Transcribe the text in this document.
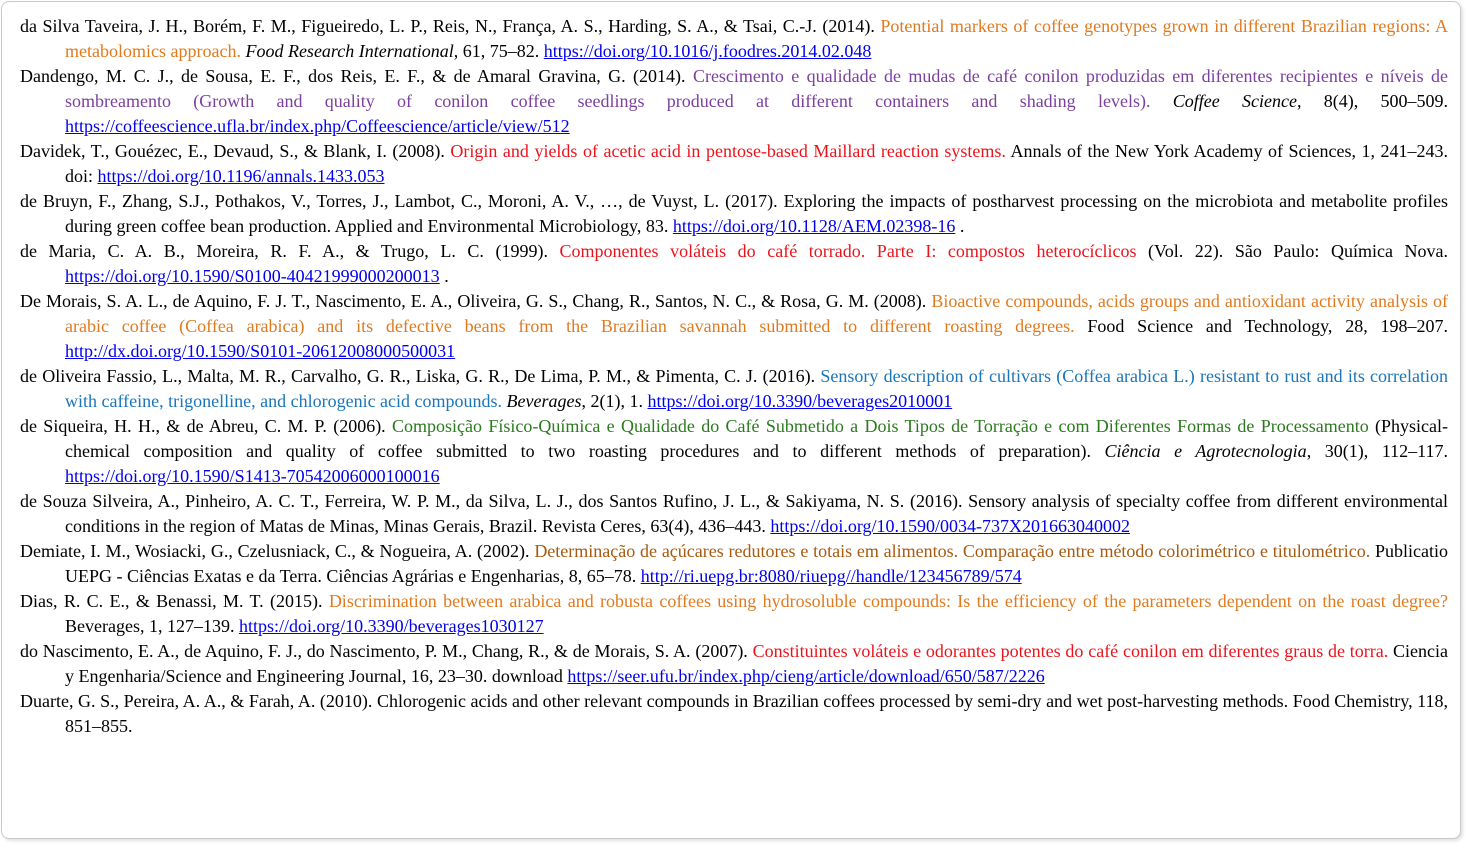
da Silva Taveira, J. H., Borém, F. M., Figueiredo, L. P., Reis, N., França, A. S., Harding, S. A., & Tsai, C.-J. (2014). Potential markers of coffee genotypes grown in different Brazilian regions: A metabolomics approach. Food Research International, 61, 75–82. https://doi.org/10.1016/j.foodres.2014.02.048

Dandengo, M. C. J., de Sousa, E. F., dos Reis, E. F., & de Amaral Gravina, G. (2014). Crescimento e qualidade de mudas de café conilon produzidas em diferentes recipientes e níveis de sombreamento (Growth and quality of conilon coffee seedlings produced at different containers and shading levels). Coffee Science, 8(4), 500–509. https://coffeescience.ufla.br/index.php/Coffeescience/article/view/512

Davidek, T., Gouézec, E., Devaud, S., & Blank, I. (2008). Origin and yields of acetic acid in pentose-based Maillard reaction systems. Annals of the New York Academy of Sciences, 1, 241–243. doi: https://doi.org/10.1196/annals.1433.053

de Bruyn, F., Zhang, S.J., Pothakos, V., Torres, J., Lambot, C., Moroni, A. V., …, de Vuyst, L. (2017). Exploring the impacts of postharvest processing on the microbiota and metabolite profiles during green coffee bean production. Applied and Environmental Microbiology, 83. https://doi.org/10.1128/AEM.02398-16 .

de Maria, C. A. B., Moreira, R. F. A., & Trugo, L. C. (1999). Componentes voláteis do café torrado. Parte I: compostos heterocíclicos (Vol. 22). São Paulo: Química Nova. https://doi.org/10.1590/S0100-40421999000200013 .

De Morais, S. A. L., de Aquino, F. J. T., Nascimento, E. A., Oliveira, G. S., Chang, R., Santos, N. C., & Rosa, G. M. (2008). Bioactive compounds, acids groups and antioxidant activity analysis of arabic coffee (Coffea arabica) and its defective beans from the Brazilian savannah submitted to different roasting degrees. Food Science and Technology, 28, 198–207. http://dx.doi.org/10.1590/S0101-20612008000500031

de Oliveira Fassio, L., Malta, M. R., Carvalho, G. R., Liska, G. R., De Lima, P. M., & Pimenta, C. J. (2016). Sensory description of cultivars (Coffea arabica L.) resistant to rust and its correlation with caffeine, trigonelline, and chlorogenic acid compounds. Beverages, 2(1), 1. https://doi.org/10.3390/beverages2010001

de Siqueira, H. H., & de Abreu, C. M. P. (2006). Composição Físico-Química e Qualidade do Café Submetido a Dois Tipos de Torração e com Diferentes Formas de Processamento (Physical-chemical composition and quality of coffee submitted to two roasting procedures and to different methods of preparation). Ciência e Agrotecnologia, 30(1), 112–117. https://doi.org/10.1590/S1413-70542006000100016

de Souza Silveira, A., Pinheiro, A. C. T., Ferreira, W. P. M., da Silva, L. J., dos Santos Rufino, J. L., & Sakiyama, N. S. (2016). Sensory analysis of specialty coffee from different environmental conditions in the region of Matas de Minas, Minas Gerais, Brazil. Revista Ceres, 63(4), 436–443. https://doi.org/10.1590/0034-737X201663040002

Demiate, I. M., Wosiacki, G., Czelusniack, C., & Nogueira, A. (2002). Determinação de açúcares redutores e totais em alimentos. Comparação entre método colorimétrico e titulométrico. Publicatio UEPG - Ciências Exatas e da Terra. Ciências Agrárias e Engenharias, 8, 65–78. http://ri.uepg.br:8080/riuepg//handle/123456789/574

Dias, R. C. E., & Benassi, M. T. (2015). Discrimination between arabica and robusta coffees using hydrosoluble compounds: Is the efficiency of the parameters dependent on the roast degree? Beverages, 1, 127–139. https://doi.org/10.3390/beverages1030127

do Nascimento, E. A., de Aquino, F. J., do Nascimento, P. M., Chang, R., & de Morais, S. A. (2007). Constituintes voláteis e odorantes potentes do café conilon em diferentes graus de torra. Ciencia y Engenharia/Science and Engineering Journal, 16, 23–30. download https://seer.ufu.br/index.php/cieng/article/download/650/587/2226

Duarte, G. S., Pereira, A. A., & Farah, A. (2010). Chlorogenic acids and other relevant compounds in Brazilian coffees processed by semi-dry and wet post-harvesting methods. Food Chemistry, 118, 851–855.
